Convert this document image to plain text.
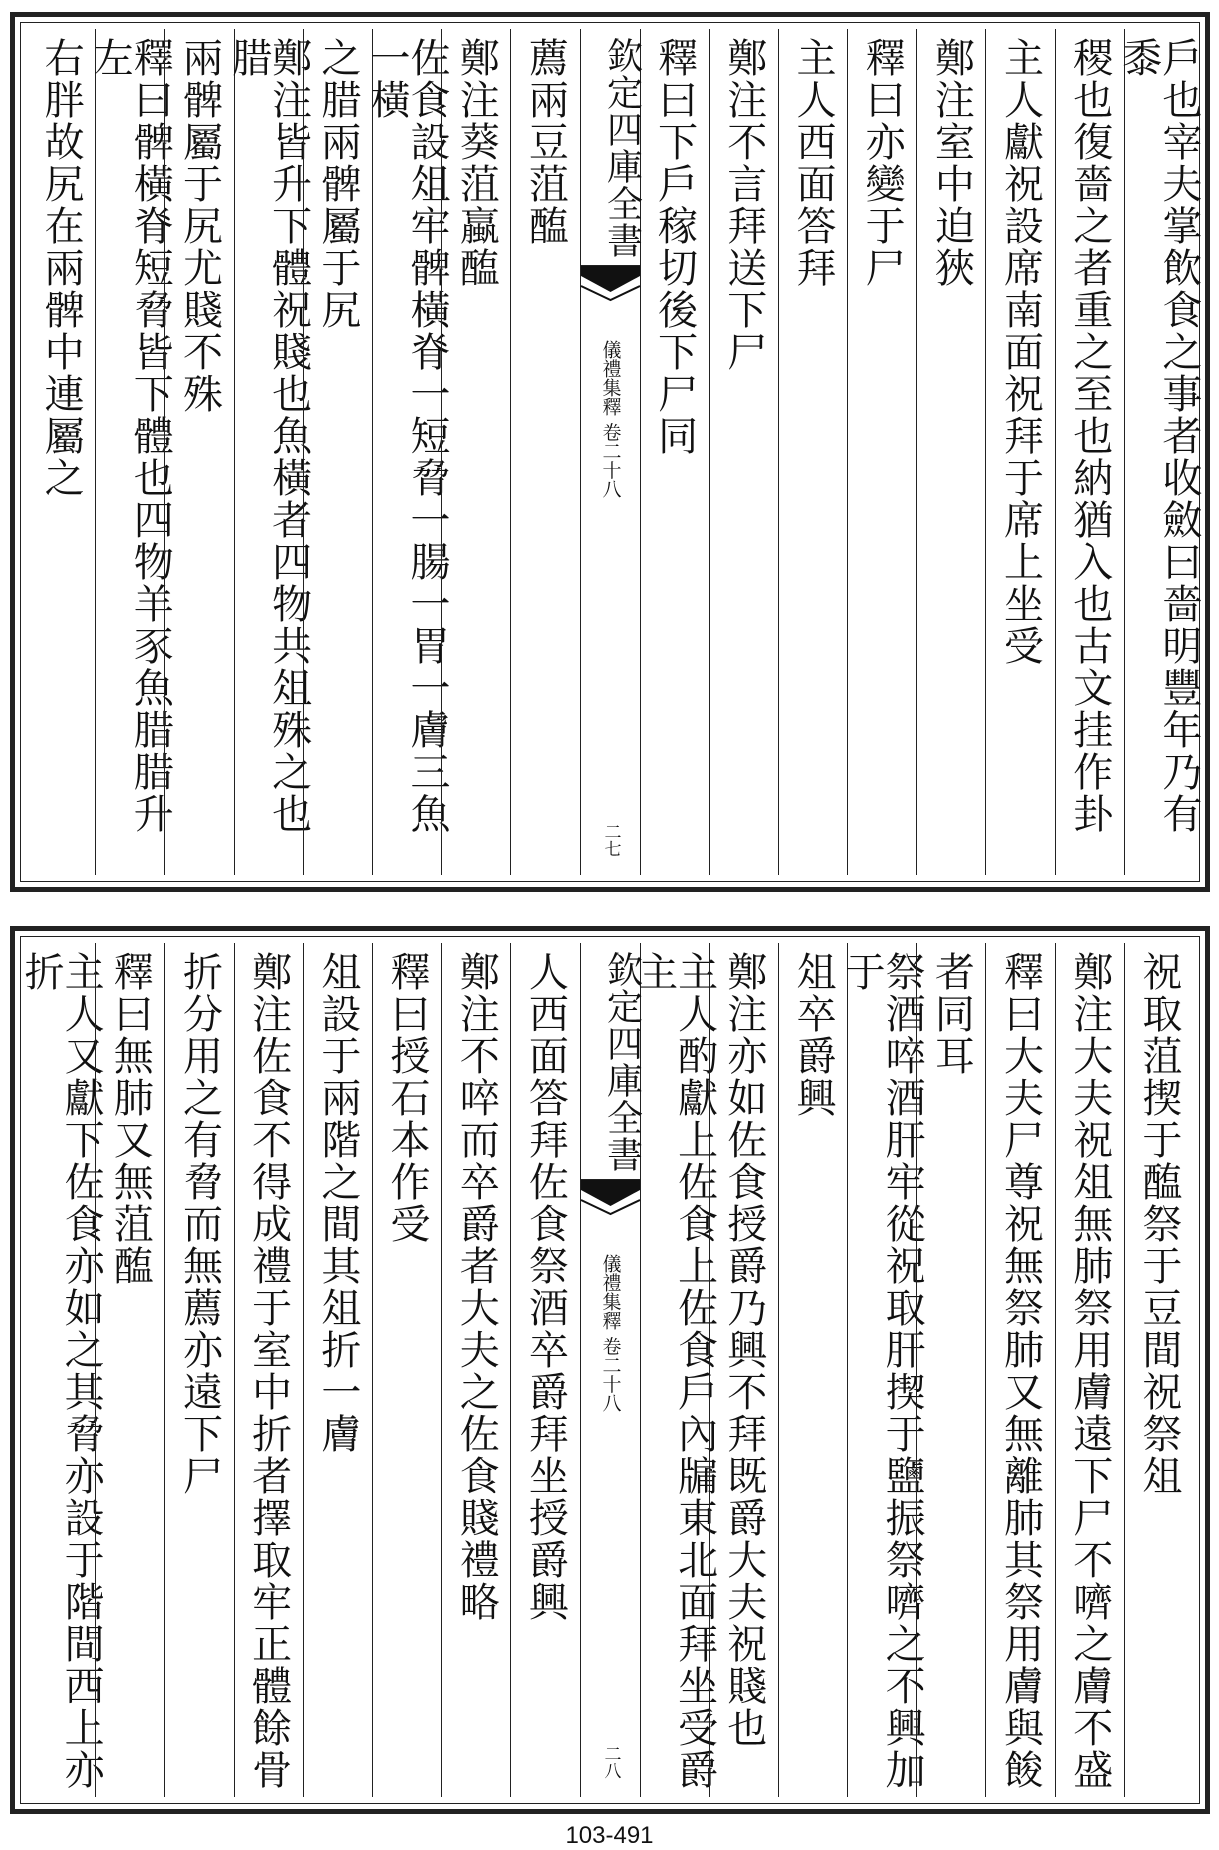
戶也宰夫掌飲食之事者收斂曰嗇明豐年乃有黍
稷也復嗇之者重之至也納猶入也古文挂作卦
主人獻祝設席南面祝拜于席上坐受
鄭注室中迫狹
釋曰亦變于尸
主人西面答拜
鄭注不言拜送下尸
釋曰下戶稼切後下尸同
欽定四庫全書
儀禮集釋 卷二十八
二七
薦兩豆菹醢
鄭注葵菹蠃醢
佐食設俎牢髀橫脊一短脅一腸一胃一膚三魚一橫
之腊兩髀屬于尻
鄭注皆升下體祝賤也魚橫者四物共俎殊之也腊
兩髀屬于尻尤賤不殊
釋曰髀橫脊短脅皆下體也四物羊豕魚腊腊升左
右胖故尻在兩髀中連屬之
祝取菹揳于醢祭于豆間祝祭俎
鄭注大夫祝俎無肺祭用膚遠下尸不嚌之膚不盛
釋曰大夫尸尊祝無祭肺又無離肺其祭用膚與餕
者同耳
祭酒啐酒肝牢從祝取肝揳于鹽振祭嚌之不興加于
俎卒爵興
鄭注亦如佐食授爵乃興不拜既爵大夫祝賤也
主人酌獻上佐食上佐食戶內牖東北面拜坐受爵主
欽定四庫全書
儀禮集釋 卷二十八
二八
人西面答拜佐食祭酒卒爵拜坐授爵興
鄭注不啐而卒爵者大夫之佐食賤禮略
釋曰授石本作受
俎設于兩階之間其俎折一膚
鄭注佐食不得成禮于室中折者擇取牢正體餘骨
折分用之有脅而無薦亦遠下尸
釋曰無肺又無菹醢
主人又獻下佐食亦如之其脅亦設于階間西上亦折
103-491
